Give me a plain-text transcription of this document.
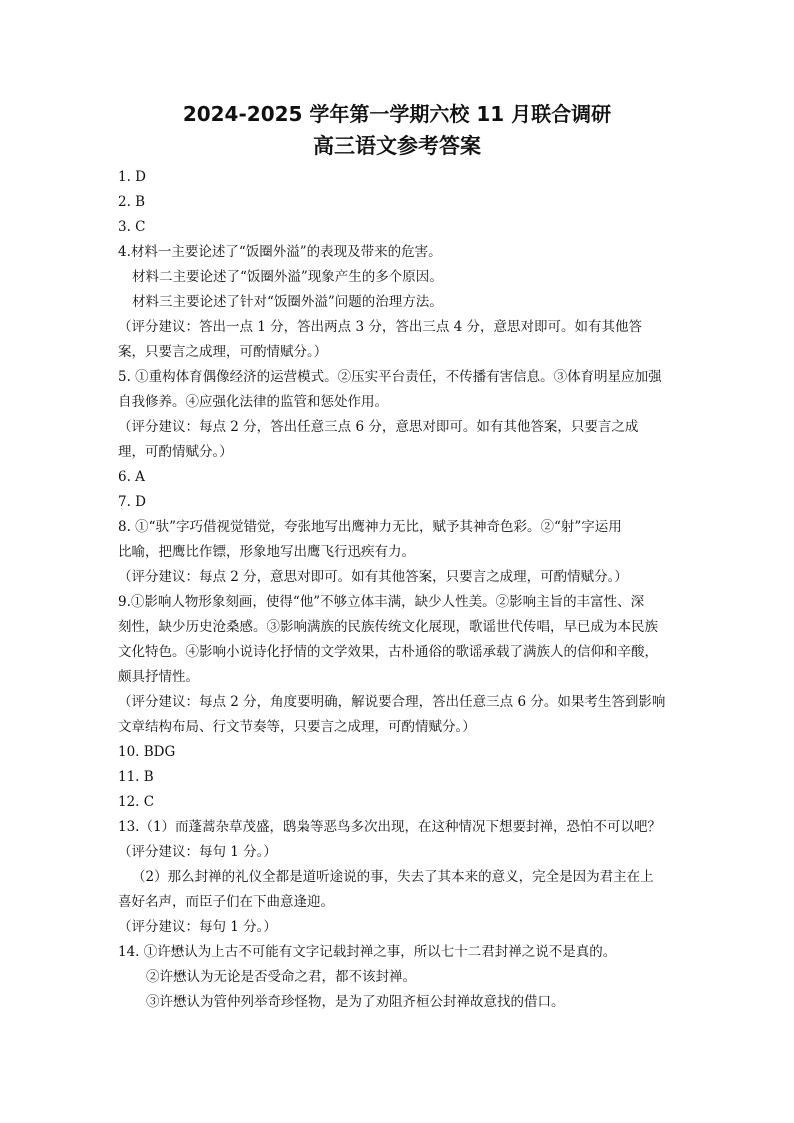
2024-2025 学年第一学期六校 11 月联合调研
高三语文参考答案
1. D
2. B
3. C
4.材料一主要论述了“饭圈外溢”的表现及带来的危害。
材料二主要论述了“饭圈外溢”现象产生的多个原因。
材料三主要论述了针对“饭圈外溢”问题的治理方法。
（评分建议：答出一点 1 分，答出两点 3 分，答出三点 4 分，意思对即可。如有其他答
案，只要言之成理，可酌情赋分。）
5. ①重构体育偶像经济的运营模式。②压实平台责任，不传播有害信息。③体育明星应加强
自我修养。④应强化法律的监管和惩处作用。
（评分建议：每点 2 分，答出任意三点 6 分，意思对即可。如有其他答案，只要言之成
理，可酌情赋分。）
6. A
7. D
8. ①“驮”字巧借视觉错觉，夸张地写出鹰神力无比，赋予其神奇色彩。②“射”字运用
比喻，把鹰比作镖，形象地写出鹰飞行迅疾有力。
（评分建议：每点 2 分，意思对即可。如有其他答案，只要言之成理，可酌情赋分。）
9.①影响人物形象刻画，使得“他”不够立体丰满，缺少人性美。②影响主旨的丰富性、深
刻性，缺少历史沧桑感。③影响满族的民族传统文化展现，歌谣世代传唱，早已成为本民族
文化特色。④影响小说诗化抒情的文学效果，古朴通俗的歌谣承载了满族人的信仰和辛酸，
颇具抒情性。
（评分建议：每点 2 分，角度要明确，解说要合理，答出任意三点 6 分。如果考生答到影响
文章结构布局、行文节奏等，只要言之成理，可酌情赋分。）
10. BDG
11. B
12. C
13.（1）而蓬蒿杂草茂盛，鸱枭等恶鸟多次出现，在这种情况下想要封禅，恐怕不可以吧？
（评分建议：每句 1 分。）
（2）那么封禅的礼仪全都是道听途说的事，失去了其本来的意义，完全是因为君主在上
喜好名声，而臣子们在下曲意逢迎。
（评分建议：每句 1 分。）
14. ①许懋认为上古不可能有文字记载封禅之事，所以七十二君封禅之说不是真的。
②许懋认为无论是否受命之君，都不该封禅。
③许懋认为管仲列举奇珍怪物，是为了劝阻齐桓公封禅故意找的借口。
